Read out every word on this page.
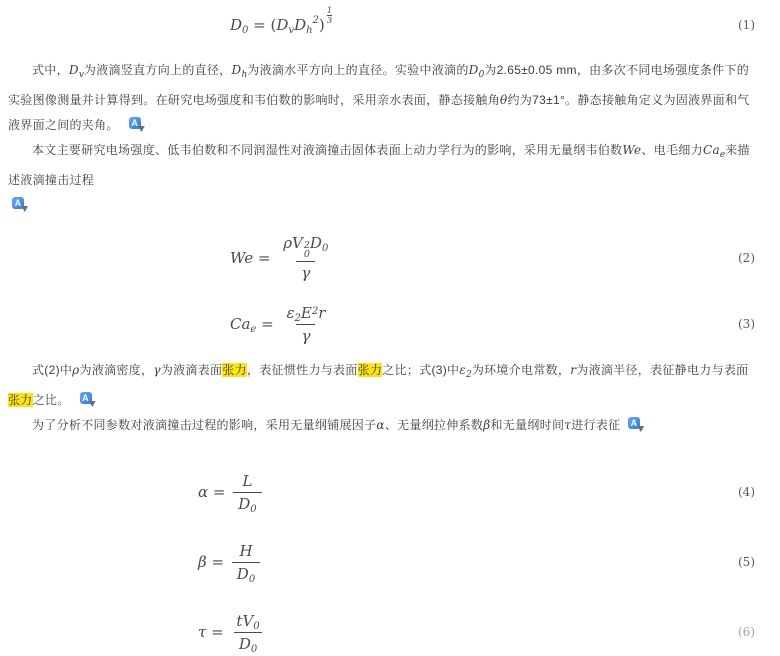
$D_0$ = ( $D_v$ $D_h$
$^2$ ) $\frac{1}{3}$	(1)
式中，$D_v$为液滴竖直方向上的直径，$D_h$为液滴水平方向上的直径。实验中液滴的$D_0$为2.65±0.05 mm，由多次不同电场强度条件下的实验图像测量并计算得到。在研究电场强度和韦伯数的影响时，采用亲水表面，静态接触角θ约为73±1°。静态接触角定义为固液界面和气液界面之间的夹角。　 A
本文主要研究电场强度、低韦伯数和不同润湿性对液滴撞击固体表面上动力学行为的影响，采用无量纲韦伯数We、电毛细力$Ca_e$来描述液滴撞击过程

A
We = ρ V 2
0
$D_0$
γ	(2)
$Ca_e = \frac{\varepsilon_2 E^2 r}{\gamma}$	(3)
式(2)中ρ为液滴密度，γ为液滴表面张力，表征惯性力与表面张力之比；式(3)中$\varepsilon_2$为环境介电常数，r为液滴半径，表征静电力与表面张力之比。　 A
为了分析不同参数对液滴撞击过程的影响，采用无量纲铺展因子α、无量纲拉伸系数β和无量纲时间τ进行表征 A
$\alpha = \frac{L}{D_0}$	(4)
$\beta = \frac{H}{D_0}$	(5)
$\tau = \frac{t V_0}{D_0}$	(6)
